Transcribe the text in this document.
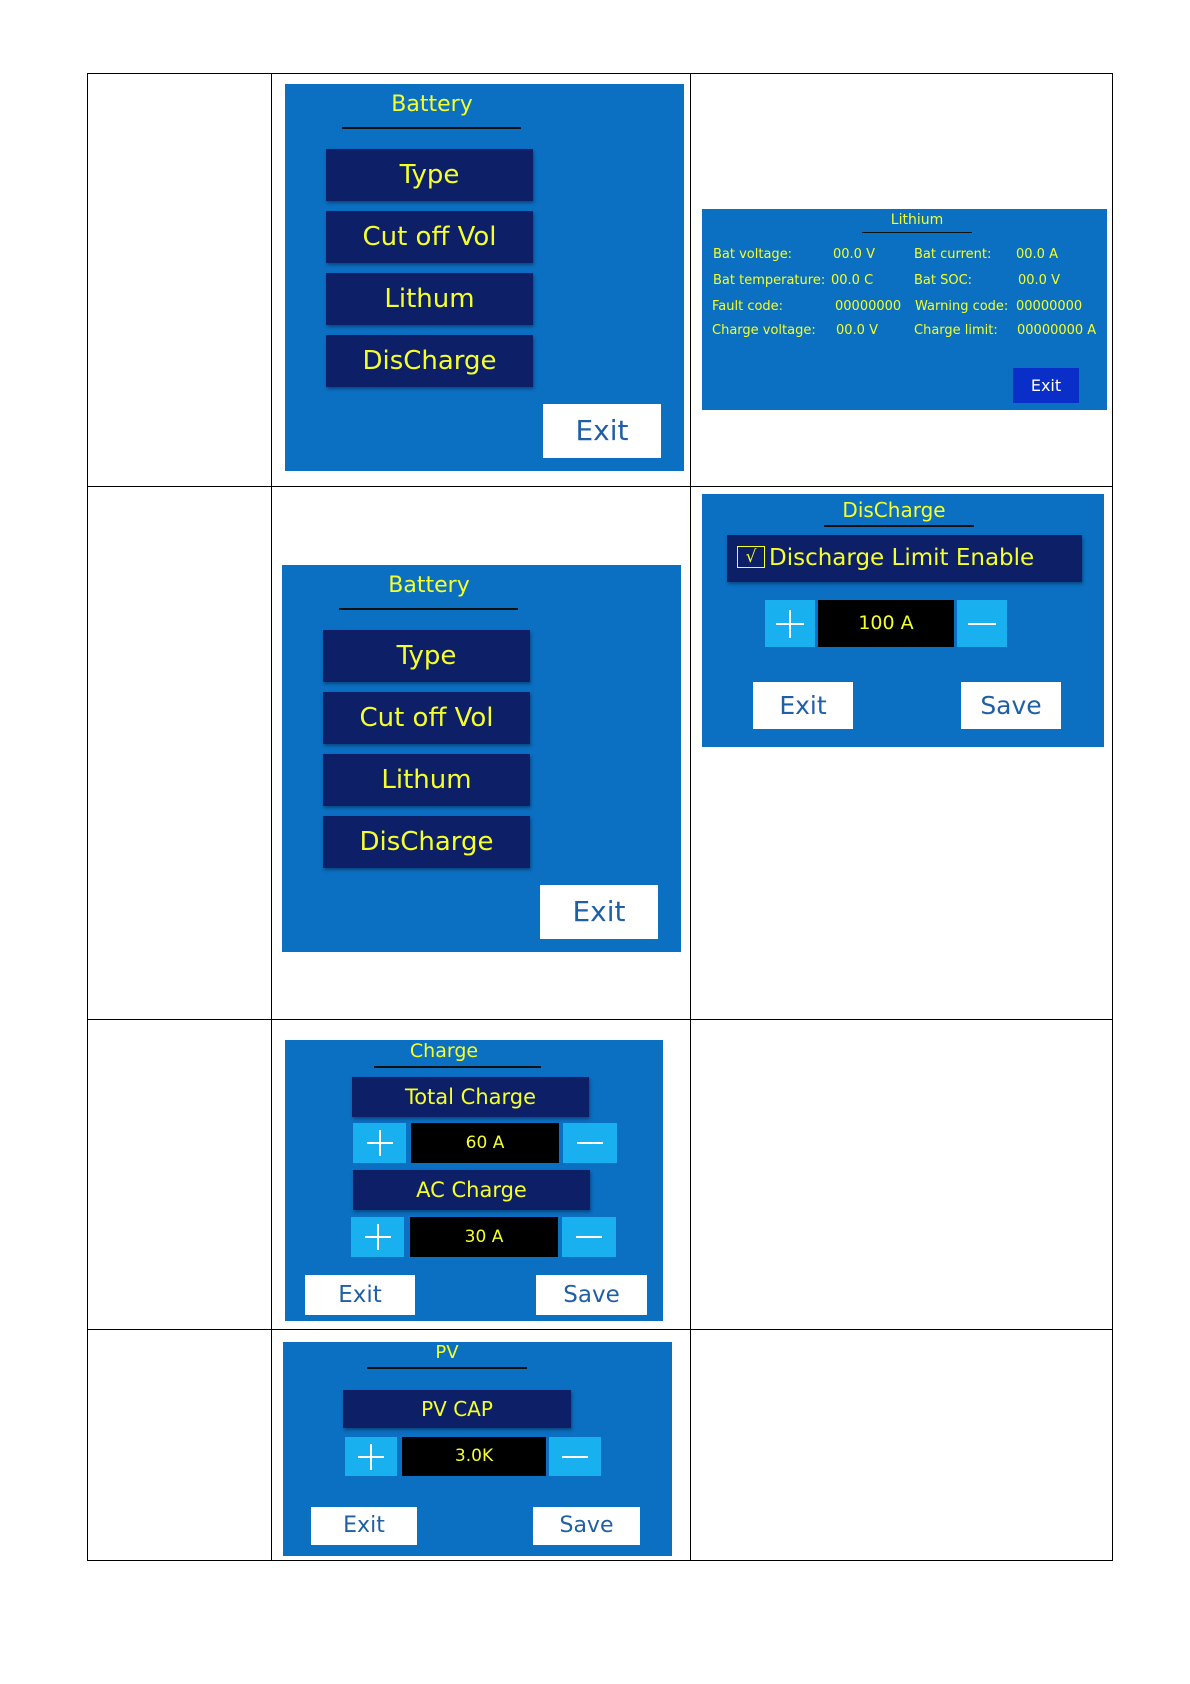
Battery
Type
Cut off Vol
Lithum
DisCharge
Exit
Lithium
Bat voltage:	00.0 V	Bat current: 00.0 A
Bat temperature: 00.0 C	Bat SOC:	00.0 V
Fault code:	00000000 Warning code: 00000000
Charge voltage: 00.0 V	Charge limit: 00000000 A
Exit
Battery
Type
Cut off Vol
Lithum
DisCharge
Exit
DisCharge
√ Discharge Limit Enable
100 A
Exit	Save
Charge
Total Charge
60 A
AC Charge
30 A
Exit	Save
PV
PV CAP
3.0K
Exit	Save
